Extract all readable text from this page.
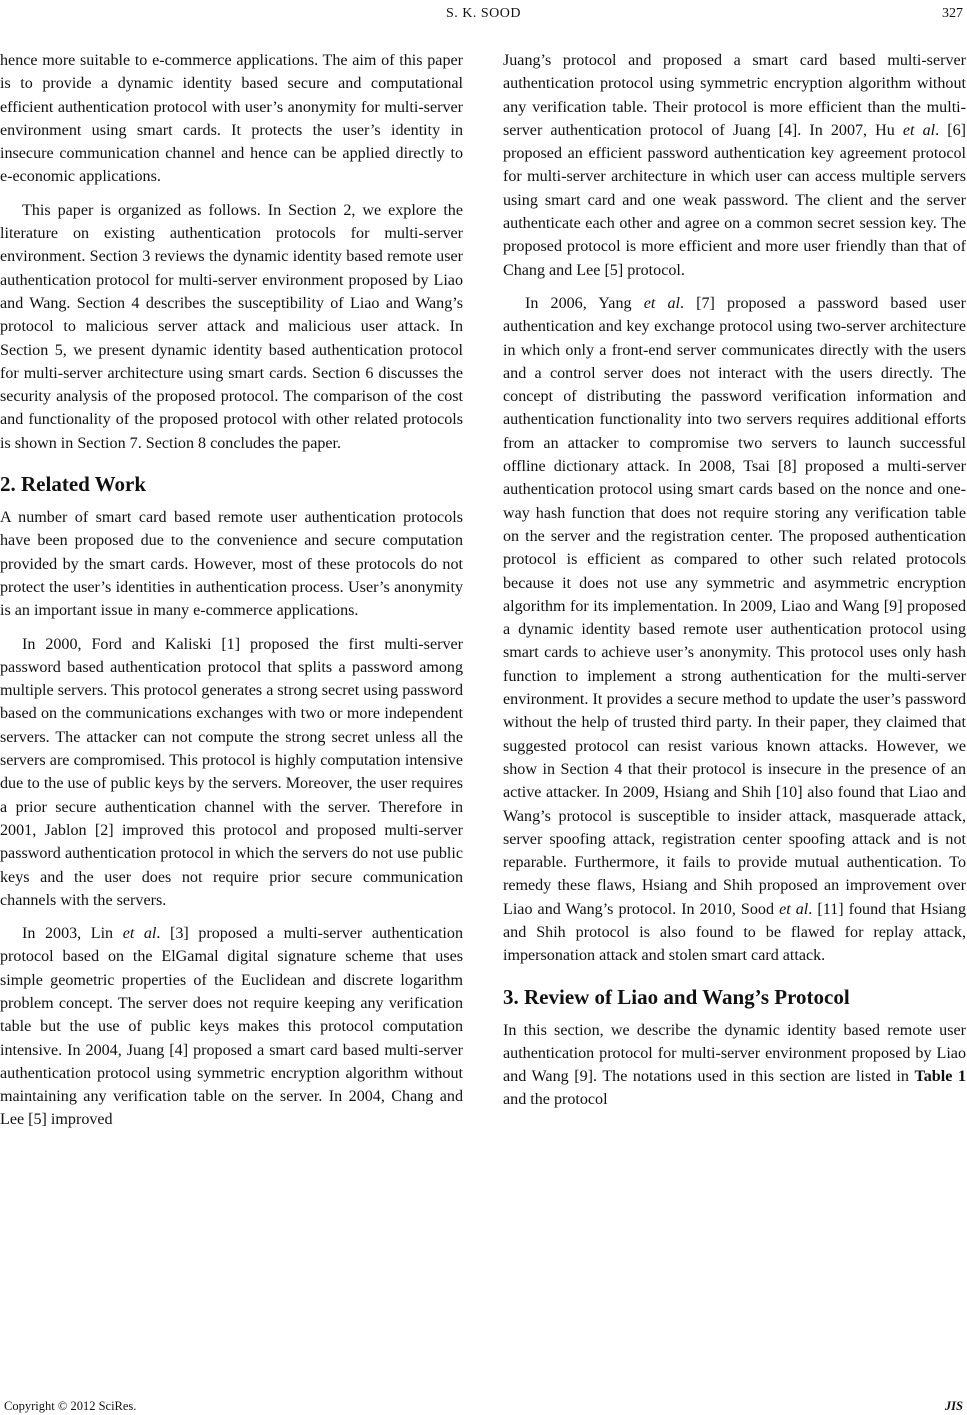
S. K. SOOD	327

hence more suitable to e-commerce applications. The aim of this paper is to provide a dynamic identity based secure and computational efficient authentication protocol with user’s anonymity for multi-server environment using smart cards. It protects the user’s identity in insecure communication channel and hence can be applied directly to e-economic applications.

This paper is organized as follows. In Section 2, we explore the literature on existing authentication protocols for multi-server environment. Section 3 reviews the dynamic identity based remote user authentication protocol for multi-server environment proposed by Liao and Wang. Section 4 describes the susceptibility of Liao and Wang’s protocol to malicious server attack and malicious user attack. In Section 5, we present dynamic identity based authentication protocol for multi-server architecture using smart cards. Section 6 discusses the security analysis of the proposed protocol. The comparison of the cost and functionality of the proposed protocol with other related protocols is shown in Section 7. Section 8 concludes the paper.

2. Related Work

A number of smart card based remote user authentication protocols have been proposed due to the convenience and secure computation provided by the smart cards. However, most of these protocols do not protect the user’s identities in authentication process. User’s anonymity is an important issue in many e-commerce applications.

In 2000, Ford and Kaliski [1] proposed the first multi-server password based authentication protocol that splits a password among multiple servers. This protocol generates a strong secret using password based on the communications exchanges with two or more independent servers. The attacker can not compute the strong secret unless all the servers are compromised. This protocol is highly computation intensive due to the use of public keys by the servers. Moreover, the user requires a prior secure authentication channel with the server. Therefore in 2001, Jablon [2] improved this protocol and proposed multi-server password authentication protocol in which the servers do not use public keys and the user does not require prior secure communication channels with the servers.

In 2003, Lin et al. [3] proposed a multi-server authentication protocol based on the ElGamal digital signature scheme that uses simple geometric properties of the Euclidean and discrete logarithm problem concept. The server does not require keeping any verification table but the use of public keys makes this protocol computation intensive. In 2004, Juang [4] proposed a smart card based multi-server authentication protocol using symmetric encryption algorithm without maintaining any verification table on the server. In 2004, Chang and Lee [5] improved

Juang’s protocol and proposed a smart card based multi-server authentication protocol using symmetric encryption algorithm without any verification table. Their protocol is more efficient than the multi-server authentication protocol of Juang [4]. In 2007, Hu et al. [6] proposed an efficient password authentication key agreement protocol for multi-server architecture in which user can access multiple servers using smart card and one weak password. The client and the server authenticate each other and agree on a common secret session key. The proposed protocol is more efficient and more user friendly than that of Chang and Lee [5] protocol.

In 2006, Yang et al. [7] proposed a password based user authentication and key exchange protocol using two-server architecture in which only a front-end server communicates directly with the users and a control server does not interact with the users directly. The concept of distributing the password verification information and authentication functionality into two servers requires additional efforts from an attacker to compromise two servers to launch successful offline dictionary attack. In 2008, Tsai [8] proposed a multi-server authentication protocol using smart cards based on the nonce and one-way hash function that does not require storing any verification table on the server and the registration center. The proposed authentication protocol is efficient as compared to other such related protocols because it does not use any symmetric and asymmetric encryption algorithm for its implementation. In 2009, Liao and Wang [9] proposed a dynamic identity based remote user authentication protocol using smart cards to achieve user’s anonymity. This protocol uses only hash function to implement a strong authentication for the multi-server environment. It provides a secure method to update the user’s password without the help of trusted third party. In their paper, they claimed that suggested protocol can resist various known attacks. However, we show in Section 4 that their protocol is insecure in the presence of an active attacker. In 2009, Hsiang and Shih [10] also found that Liao and Wang’s protocol is susceptible to insider attack, masquerade attack, server spoofing attack, registration center spoofing attack and is not reparable. Furthermore, it fails to provide mutual authentication. To remedy these flaws, Hsiang and Shih proposed an improvement over Liao and Wang’s protocol. In 2010, Sood et al. [11] found that Hsiang and Shih protocol is also found to be flawed for replay attack, impersonation attack and stolen smart card attack.

3. Review of Liao and Wang’s Protocol

In this section, we describe the dynamic identity based remote user authentication protocol for multi-server environment proposed by Liao and Wang [9]. The notations used in this section are listed in Table 1 and the protocol

Copyright © 2012 SciRes.	JIS
